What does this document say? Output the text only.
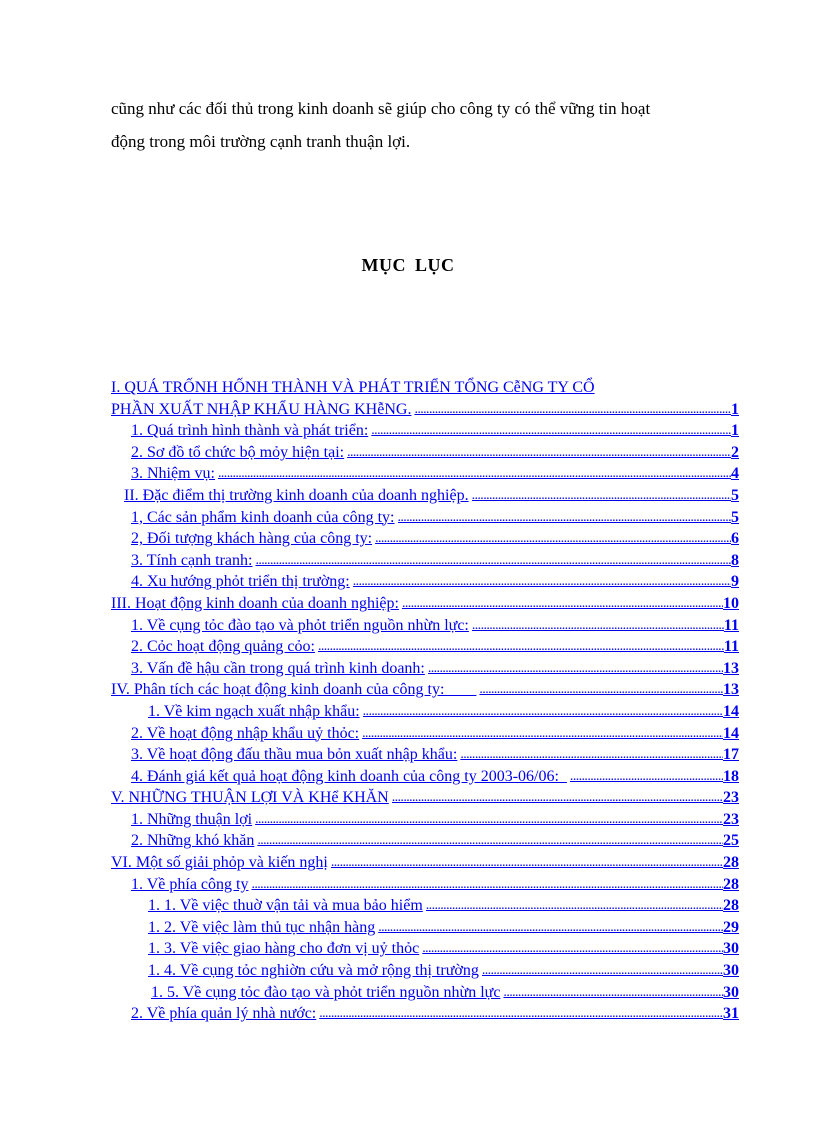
cũng như các đối thủ trong kinh doanh sẽ giúp cho công ty có thể vững tin hoạt

động trong môi trường cạnh tranh thuận lợi.

MỤC LỤC
I. QUÁ TRỐNH HỐNH THÀNH VÀ PHÁT TRIỂN TỔNG CễNG TY CỔ
PHẦN XUẤT NHẬP KHẨU HÀNG KHễNG. .....	1
1. Quá trình hình thành và phát triển: .....	1
2. Sơ đồ tổ chức bộ mỏy hiện tại: .....	2
3. Nhiệm vụ: .....	4
II. Đặc điểm thị trường kinh doanh của doanh nghiệp. .....	5
1, Các sản phẩm kinh doanh của công ty: .....	5
2, Đối tượng khách hàng của công ty: .....	6
3. Tính cạnh tranh: .....	8
4. Xu hướng phỏt triển thị trường: .....	9
III. Hoạt động kinh doanh của doanh nghiệp: .....	10
1. Về cụng tỏc đào tạo và phỏt triển nguồn nhừn lực: .....	11
2. Cỏc hoạt động quảng cỏo: .....	11
3. Vấn đề hậu cần trong quá trình kinh doanh: .....	13
IV. Phân tích các hoạt động kinh doanh của công ty: .....	13
1. Về kim ngạch xuất nhập khẩu: .....	14
2. Về hoạt động nhập khẩu uỷ thỏc: .....	14
3. Về hoạt động đấu thầu mua bỏn xuất nhập khẩu: .....	17
4. Đánh giá kết quả hoạt động kinh doanh của công ty 2003-06/06: .....	18
V. NHỮNG THUẬN LỢI VÀ KHể KHĂN .....	23
1. Những thuận lợi .....	23
2. Những khó khăn .....	25
VI. Một số giải phỏp và kiến nghị .....	28
1. Về phía công ty .....	28
1. 1. Về việc thuờ vận tải và mua bảo hiểm .....	28
1. 2. Về việc làm thủ tục nhận hàng .....	29
1. 3. Về việc giao hàng cho đơn vị uỷ thỏc .....	30
1. 4. Về cụng tỏc nghiờn cứu và mở rộng thị trường .....	30
1. 5. Về cụng tỏc đào tạo và phỏt triển nguồn nhừn lực .....	30
2. Về phía quản lý nhà nước: .....	31
